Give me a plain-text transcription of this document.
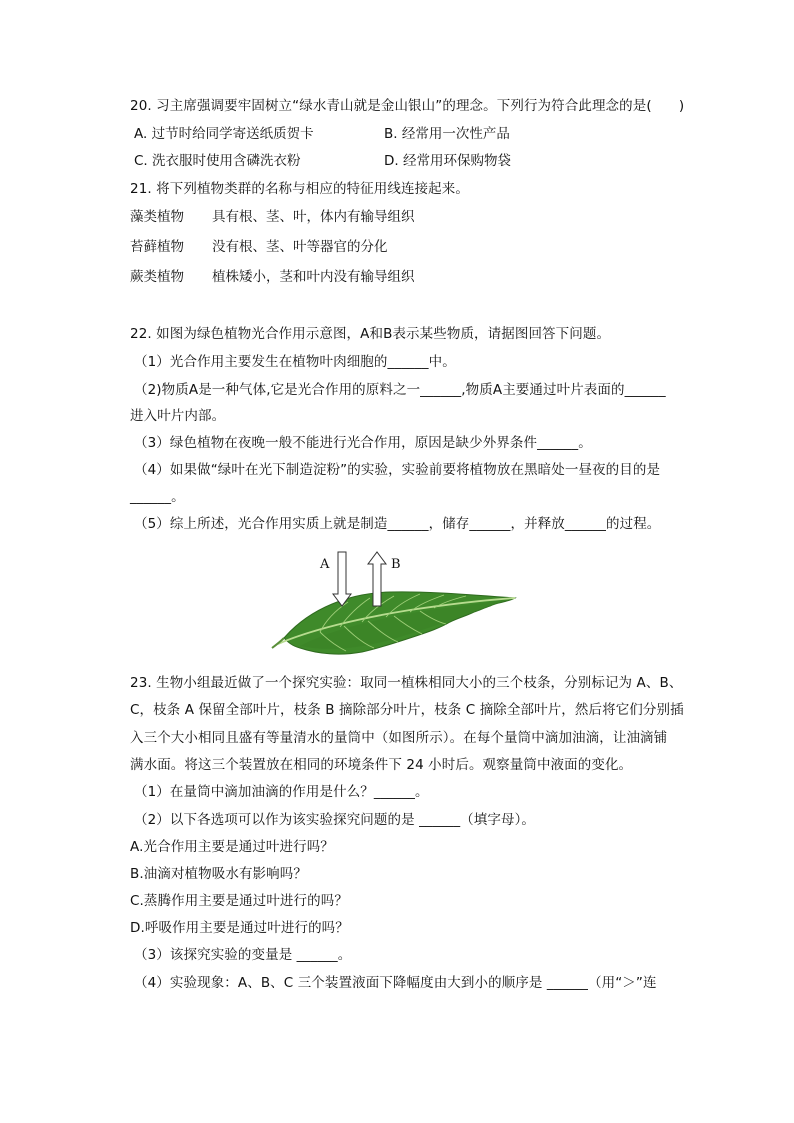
20. 习主席强调要牢固树立“绿水青山就是金山银山”的理念。下列行为符合此理念的是(　　)
A. 过节时给同学寄送纸质贺卡	B. 经常用一次性产品
C. 洗衣服时使用含磷洗衣粉	D. 经常用环保购物袋
21. 将下列植物类群的名称与相应的特征用线连接起来。
藻类植物 具有根、茎、叶，体内有输导组织
苔藓植物 没有根、茎、叶等器官的分化
蕨类植物 植株矮小，茎和叶内没有输导组织
22. 如图为绿色植物光合作用示意图，A和B表示某些物质，请据图回答下问题。
（1）光合作用主要发生在植物叶肉细胞的______中。
（2)物质A是一种气体,它是光合作用的原料之一______,物质A主要通过叶片表面的______
进入叶片内部。
（3）绿色植物在夜晚一般不能进行光合作用，原因是缺少外界条件______。
（4）如果做“绿叶在光下制造淀粉”的实验，实验前要将植物放在黑暗处一昼夜的目的是
______。
（5）综上所述，光合作用实质上就是制造______，储存______，并释放______的过程。
A	B
23. 生物小组最近做了一个探究实验：取同一植株相同大小的三个枝条，分别标记为 A、B、
C，枝条 A 保留全部叶片，枝条 B 摘除部分叶片，枝条 C 摘除全部叶片，然后将它们分别插
入三个大小相同且盛有等量清水的量筒中（如图所示）。在每个量筒中滴加油滴，让油滴铺
满水面。将这三个装置放在相同的环境条件下 24 小时后。观察量筒中液面的变化。
（1）在量筒中滴加油滴的作用是什么？______。
（2）以下各选项可以作为该实验探究问题的是 ______（填字母）。
A.光合作用主要是通过叶进行吗？
B.油滴对植物吸水有影响吗？
C.蒸腾作用主要是通过叶进行的吗？
D.呼吸作用主要是通过叶进行的吗？
（3）该探究实验的变量是 ______。
（4）实验现象：A、B、C 三个装置液面下降幅度由大到小的顺序是 ______（用“＞”连
